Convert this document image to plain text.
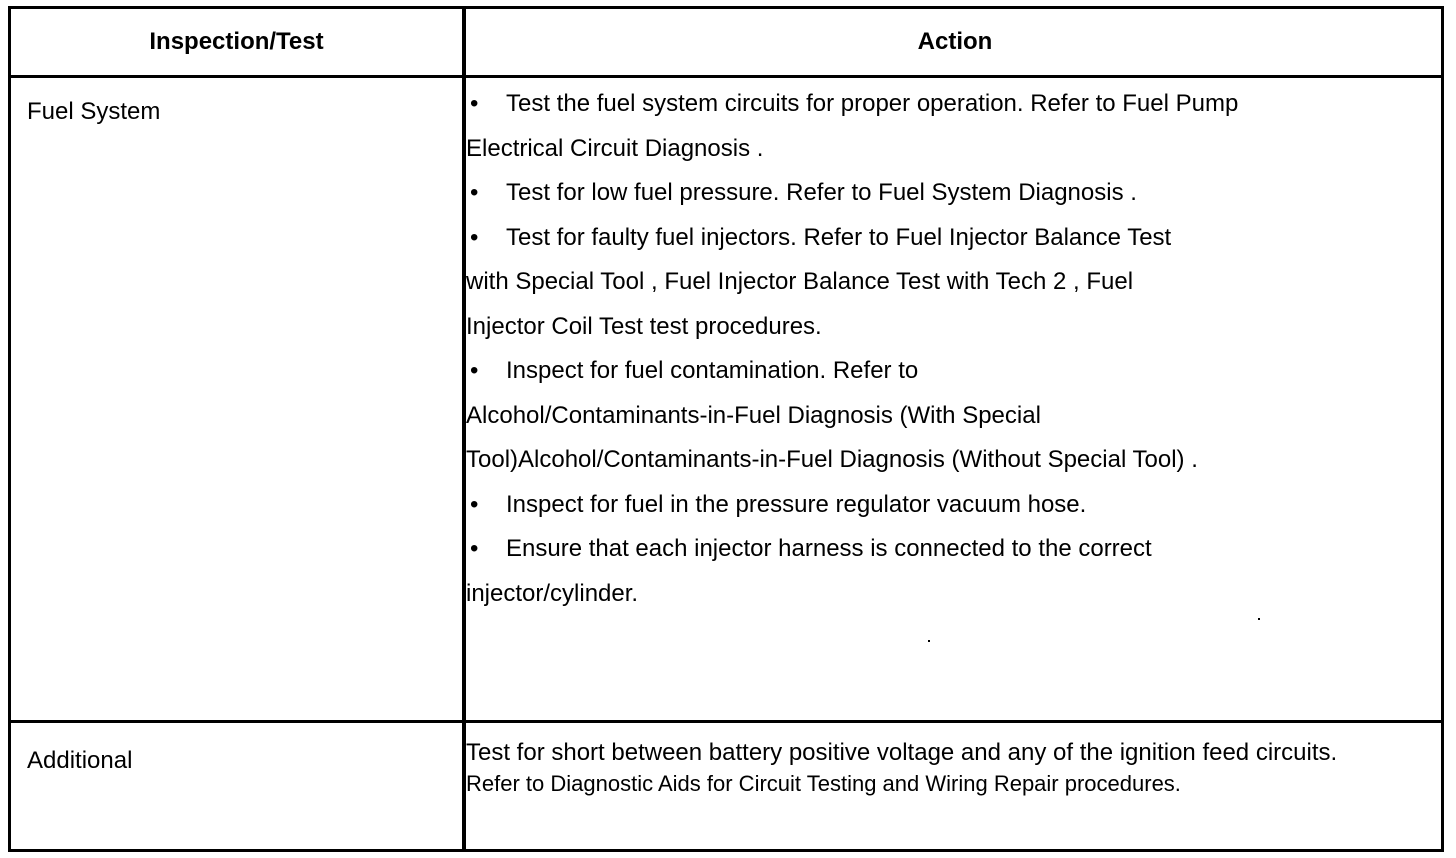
Inspection/Test	Action
Fuel System
Additional
• Test the fuel system circuits for proper operation. Refer to Fuel Pump
Electrical Circuit Diagnosis .
• Test for low fuel pressure. Refer to Fuel System Diagnosis .
• Test for faulty fuel injectors. Refer to Fuel Injector Balance Test
with Special Tool , Fuel Injector Balance Test with Tech 2 , Fuel
Injector Coil Test test procedures.
• Inspect for fuel contamination. Refer to
Alcohol/Contaminants-in-Fuel Diagnosis (With Special
Tool)Alcohol/Contaminants-in-Fuel Diagnosis (Without Special Tool) .
• Inspect for fuel in the pressure regulator vacuum hose.
• Ensure that each injector harness is connected to the correct
injector/cylinder.
Test for short between battery positive voltage and any of the ignition feed circuits. Refer to Diagnostic Aids for Circuit Testing and Wiring Repair procedures.
